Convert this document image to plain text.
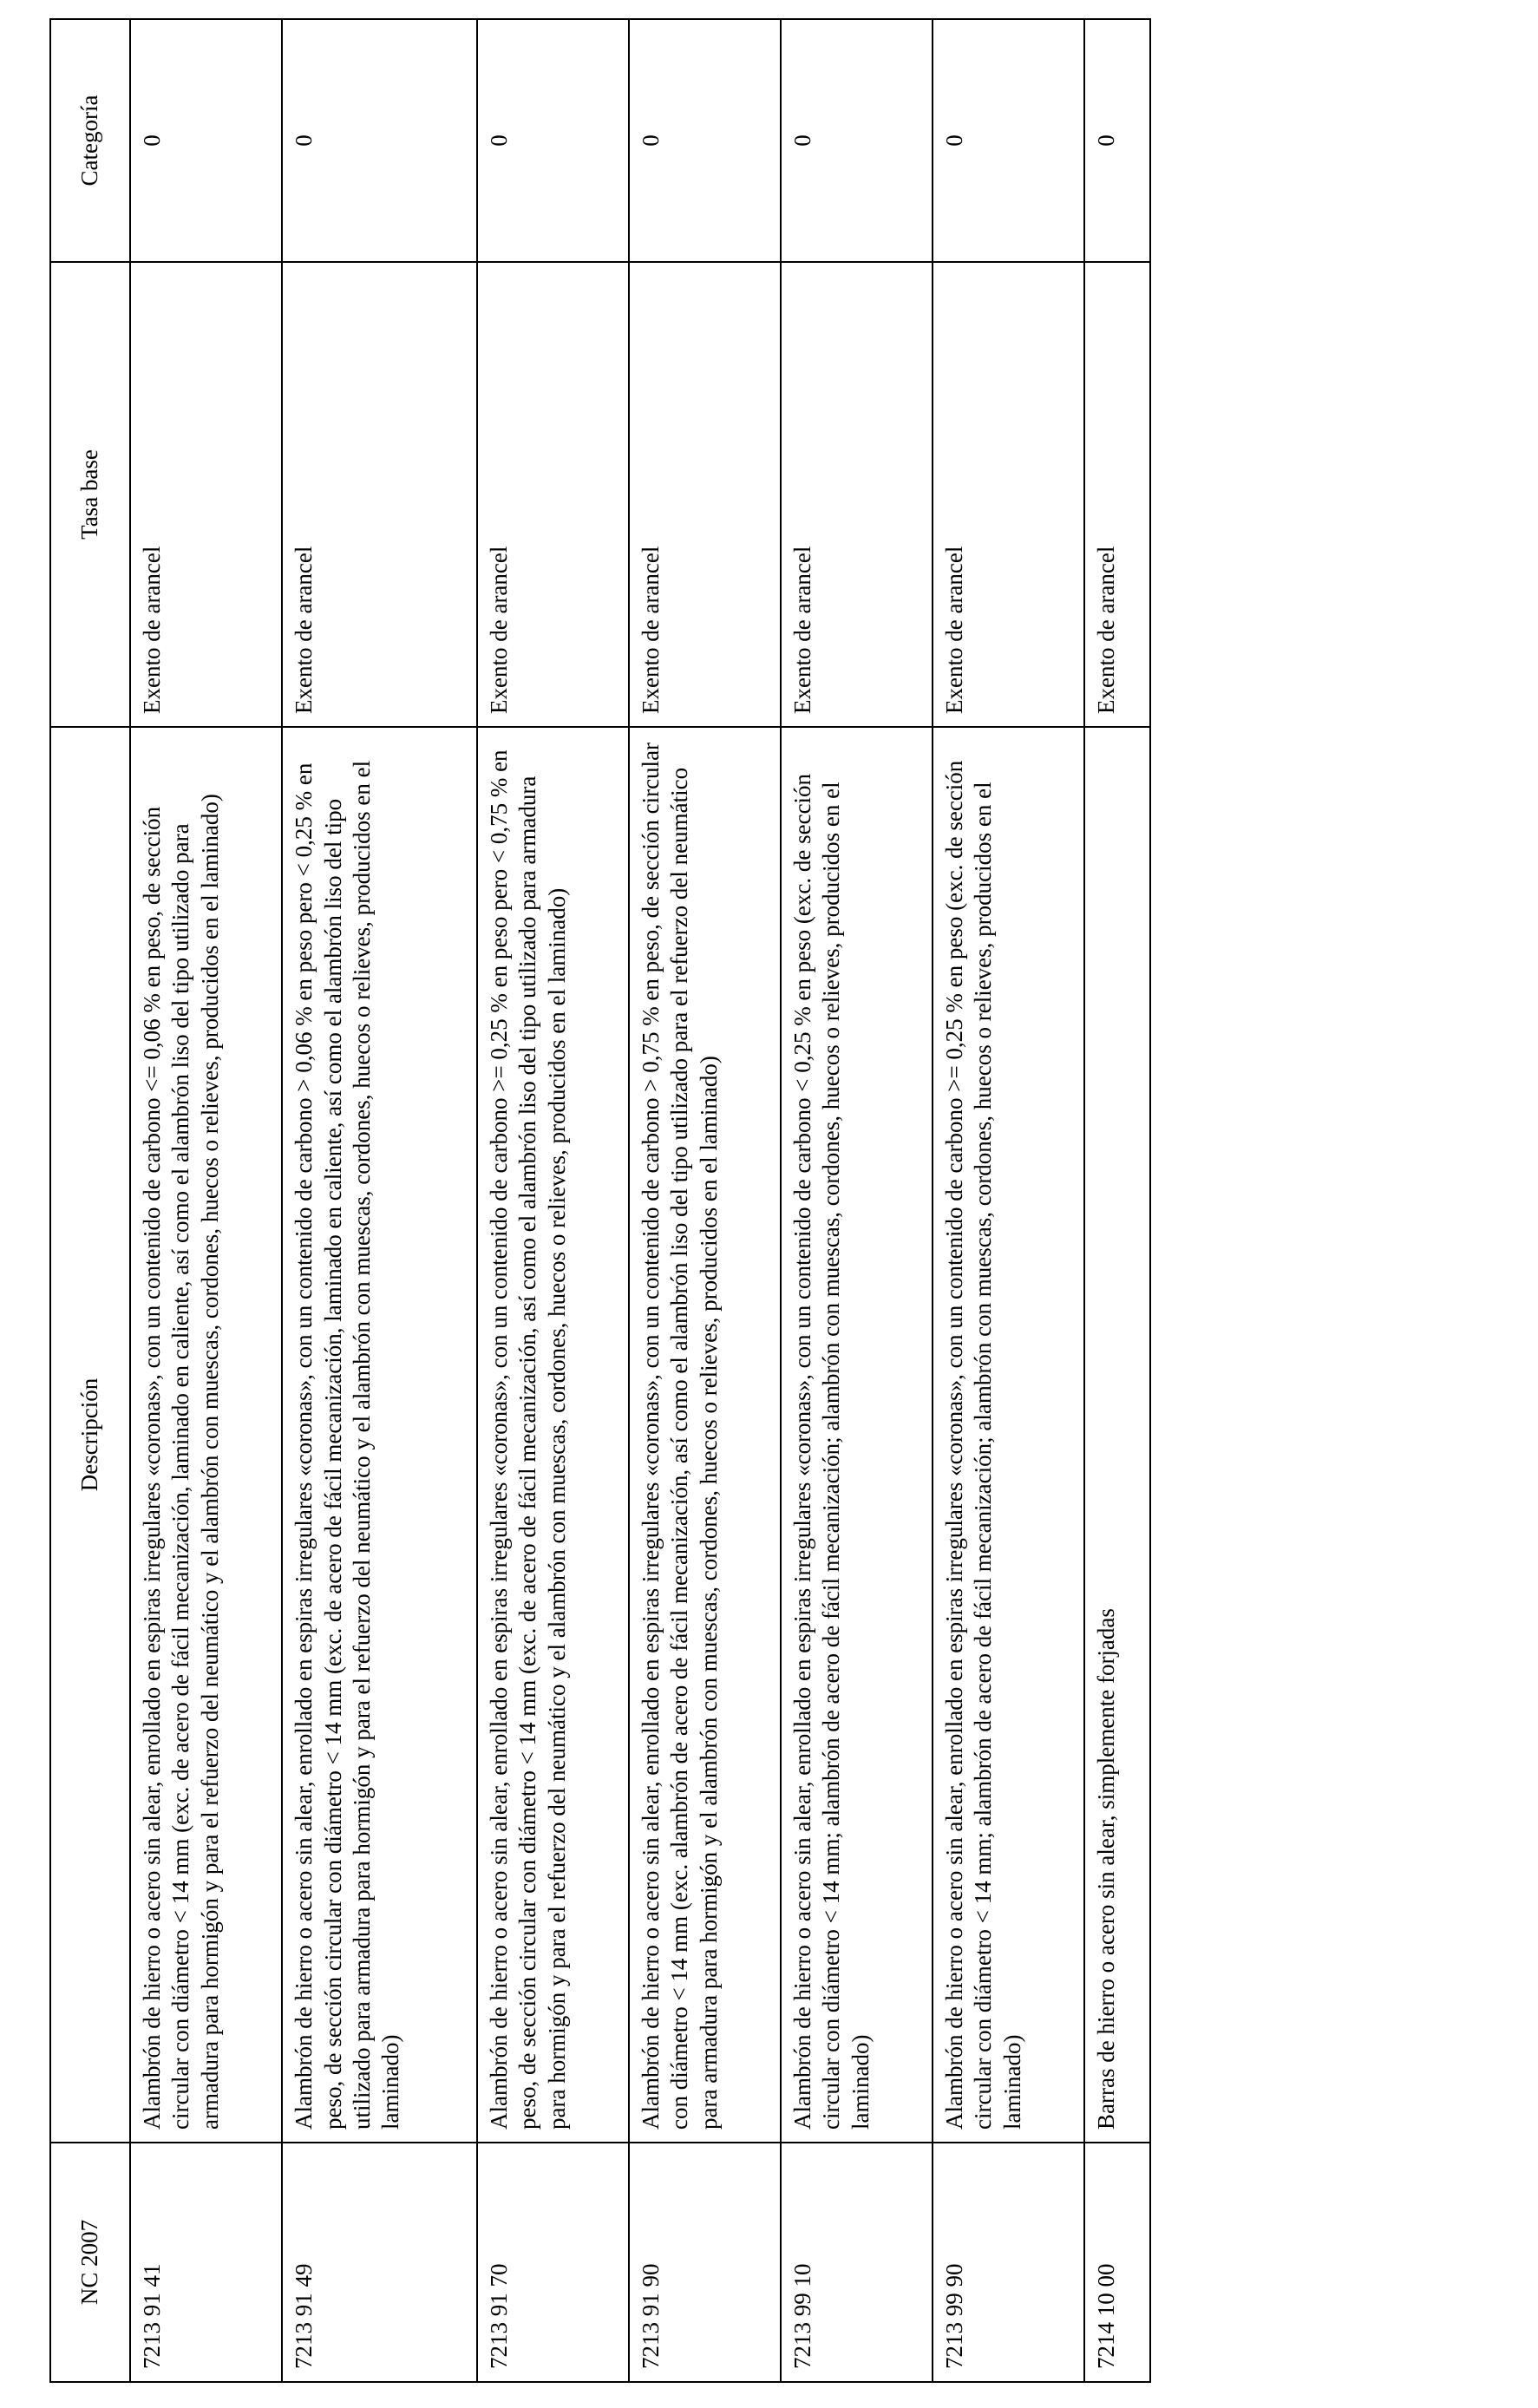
NC 2007	Descripción	Tasa base	Categoría
7213 91 41	Alambrón de hierro o acero sin alear, enrollado en espiras irregulares «coronas», con un contenido de carbono <= 0,06 % en peso, de sección circular con diámetro < 14 mm (exc. de acero de fácil mecanización, laminado en caliente, así como el alambrón liso del tipo utilizado para armadura para hormigón y para el refuerzo del neumático y el alambrón con muescas, cordones, huecos o relieves, producidos en el laminado)	Exento de arancel	0
7213 91 49	Alambrón de hierro o acero sin alear, enrollado en espiras irregulares «coronas», con un contenido de carbono > 0,06 % en peso pero < 0,25 % en peso, de sección circular con diámetro < 14 mm (exc. de acero de fácil mecanización, laminado en caliente, así como el alambrón liso del tipo utilizado para armadura para hormigón y para el refuerzo del neumático y el alambrón con muescas, cordones, huecos o relieves, producidos en el laminado)	Exento de arancel	0
7213 91 70	Alambrón de hierro o acero sin alear, enrollado en espiras irregulares «coronas», con un contenido de carbono >= 0,25 % en peso pero < 0,75 % en peso, de sección circular con diámetro < 14 mm (exc. de acero de fácil mecanización, así como el alambrón liso del tipo utilizado para armadura para hormigón y para el refuerzo del neumático y el alambrón con muescas, cordones, huecos o relieves, producidos en el laminado)	Exento de arancel	0
7213 91 90	Alambrón de hierro o acero sin alear, enrollado en espiras irregulares «coronas», con un contenido de carbono > 0,75 % en peso, de sección circular con diámetro < 14 mm (exc. alambrón de acero de fácil mecanización, así como el alambrón liso del tipo utilizado para el refuerzo del neumático para armadura para hormigón y el alambrón con muescas, cordones, huecos o relieves, producidos en el laminado)	Exento de arancel	0
7213 99 10	Alambrón de hierro o acero sin alear, enrollado en espiras irregulares «coronas», con un contenido de carbono < 0,25 % en peso (exc. de sección circular con diámetro < 14 mm; alambrón de acero de fácil mecanización; alambrón con muescas, cordones, huecos o relieves, producidos en el laminado)	Exento de arancel	0
7213 99 90	Alambrón de hierro o acero sin alear, enrollado en espiras irregulares «coronas», con un contenido de carbono >= 0,25 % en peso (exc. de sección circular con diámetro < 14 mm; alambrón de acero de fácil mecanización; alambrón con muescas, cordones, huecos o relieves, producidos en el laminado)	Exento de arancel	0
7214 10 00	Barras de hierro o acero sin alear, simplemente forjadas	Exento de arancel	0
